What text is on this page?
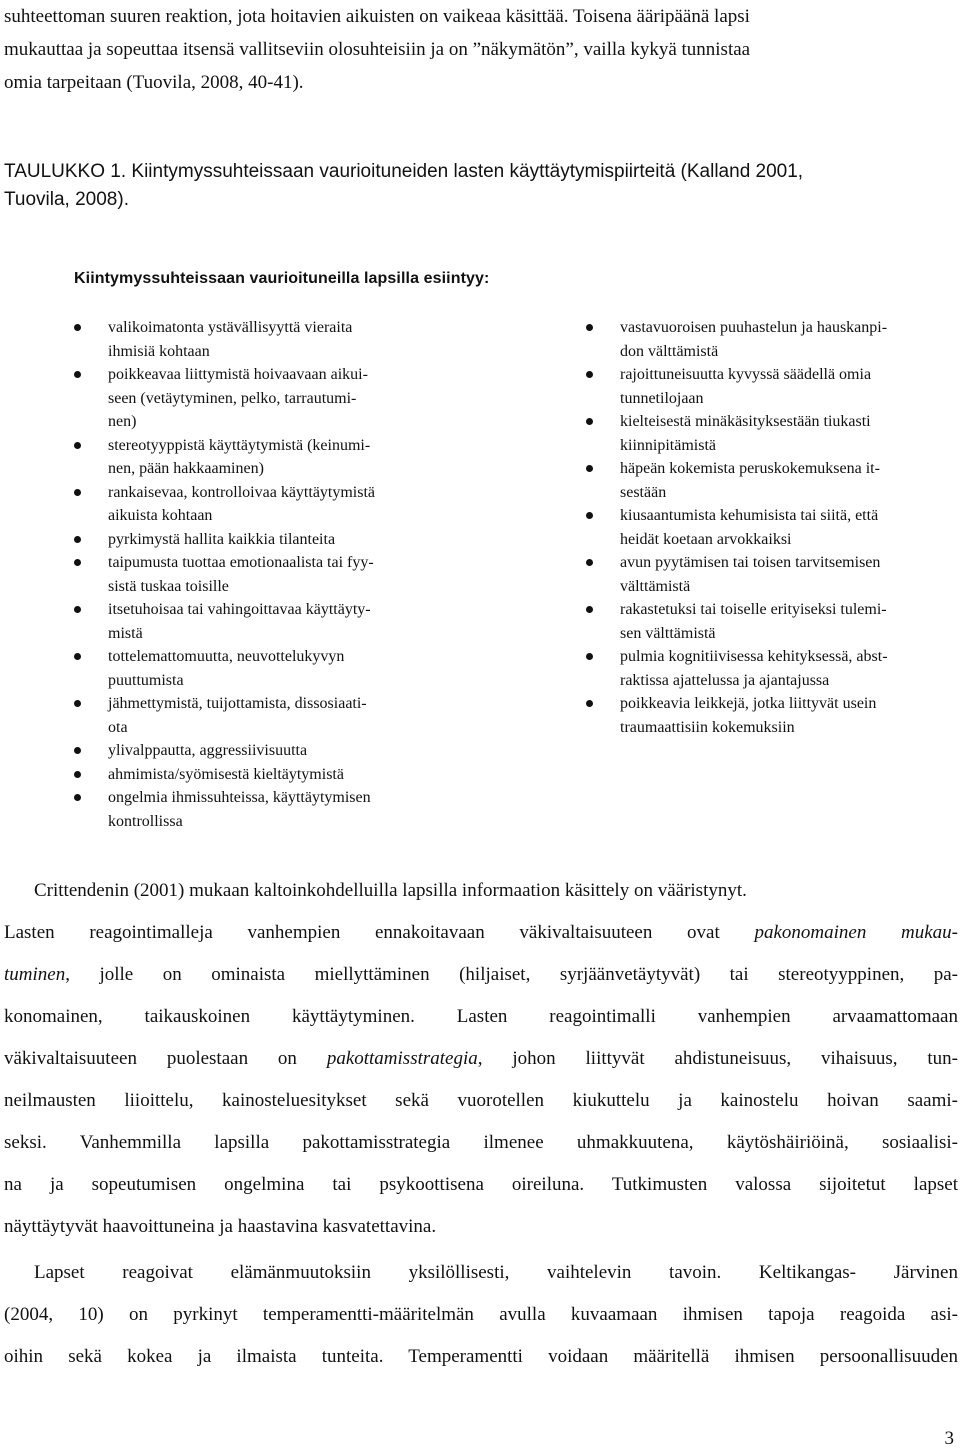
suhteettoman suuren reaktion, jota hoitavien aikuisten on vaikeaa käsittää. Toisena ääripäänä lapsi
mukauttaa ja sopeuttaa itsensä vallitseviin olosuhteisiin ja on ”näkymätön”, vailla kykyä tunnistaa
omia tarpeitaan (Tuovila, 2008, 40-41).
TAULUKKO 1. Kiintymyssuhteissaan vaurioituneiden lasten käyttäytymispiirteitä (Kalland 2001,
Tuovila, 2008).
Kiintymyssuhteissaan vaurioituneilla lapsilla esiintyy:
valikoimatonta ystävällisyyttä vieraita
ihmisiä kohtaan
poikkeavaa liittymistä hoivaavaan aikui-
seen (vetäytyminen, pelko, tarrautumi-
nen)
stereotyyppistä käyttäytymistä (keinumi-
nen, pään hakkaaminen)
rankaisevaa, kontrolloivaa käyttäytymistä
aikuista kohtaan
pyrkimystä hallita kaikkia tilanteita
taipumusta tuottaa emotionaalista tai fyy-
sistä tuskaa toisille
itsetuhoisaa tai vahingoittavaa käyttäyty-
mistä
tottelemattomuutta, neuvottelukyvyn
puuttumista
jähmettymistä, tuijottamista, dissosiaati-
ota
ylivalppautta, aggressiivisuutta
ahmimista/syömisestä kieltäytymistä
ongelmia ihmissuhteissa, käyttäytymisen
kontrollissa
vastavuoroisen puuhastelun ja hauskanpi-
don välttämistä
rajoittuneisuutta kyvyssä säädellä omia
tunnetilojaan
kielteisestä minäkäsityksestään tiukasti
kiinnipitämistä
häpeän kokemista peruskokemuksena it-
sestään
kiusaantumista kehumisista tai siitä, että
heidät koetaan arvokkaiksi
avun pyytämisen tai toisen tarvitsemisen
välttämistä
rakastetuksi tai toiselle erityiseksi tulemi-
sen välttämistä
pulmia kognitiivisessa kehityksessä, abst-
raktissa ajattelussa ja ajantajussa
poikkeavia leikkejä, jotka liittyvät usein
traumaattisiin kokemuksiin
Crittendenin (2001) mukaan kaltoinkohdelluilla lapsilla informaation käsittely on vääristynyt.
Lasten reagointimalleja vanhempien ennakoitavaan väkivaltaisuuteen ovat pakonomainen mukau-
tuminen, jolle on ominaista miellyttäminen (hiljaiset, syrjäänvetäytyvät) tai stereotyyppinen, pa-
konomainen, taikauskoinen käyttäytyminen. Lasten reagointimalli vanhempien arvaamattomaan
väkivaltaisuuteen puolestaan on pakottamisstrategia, johon liittyvät ahdistuneisuus, vihaisuus, tun-
neilmausten liioittelu, kainosteluesitykset sekä vuorotellen kiukuttelu ja kainostelu hoivan saami-
seksi. Vanhemmilla lapsilla pakottamisstrategia ilmenee uhmakkuutena, käytöshäiriöinä, sosiaalisi-
na ja sopeutumisen ongelmina tai psykoottisena oireiluna. Tutkimusten valossa sijoitetut lapset
näyttäytyvät haavoittuneina ja haastavina kasvatettavina.
Lapset reagoivat elämänmuutoksiin yksilöllisesti, vaihtelevin tavoin. Keltikangas- Järvinen
(2004, 10) on pyrkinyt temperamentti-määritelmän avulla kuvaamaan ihmisen tapoja reagoida asi-
oihin sekä kokea ja ilmaista tunteita. Temperamentti voidaan määritellä ihmisen persoonallisuuden
3
